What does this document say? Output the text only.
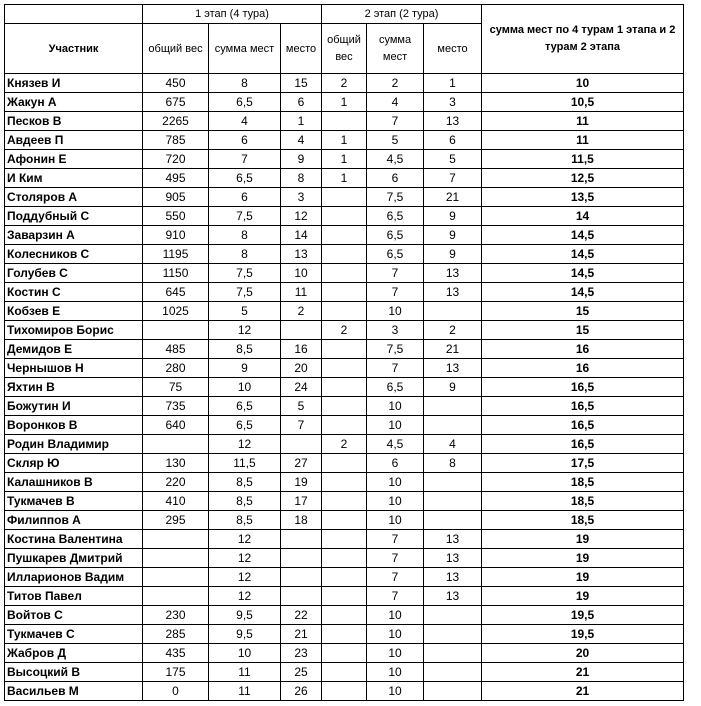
	1 этап (4 тура)			2 этап (2 тура)			сумма мест по 4 турам 1 этапа и 2 турам 2 этапа
Участник	общий вес	сумма мест	место	общий вес	сумма мест	место	
Князев И	450	8	15	2	2	1	10
Жакун А	675	6,5	6	1	4	3	10,5
Песков В	2265	4	1		7	13	11
Авдеев П	785	6	4	1	5	6	11
Афонин Е	720	7	9	1	4,5	5	11,5
И Ким	495	6,5	8	1	6	7	12,5
Столяров А	905	6	3		7,5	21	13,5
Поддубный С	550	7,5	12		6,5	9	14
Заварзин А	910	8	14		6,5	9	14,5
Колесников С	1195	8	13		6,5	9	14,5
Голубев С	1150	7,5	10		7	13	14,5
Костин С	645	7,5	11		7	13	14,5
Кобзев Е	1025	5	2		10		15
Тихомиров Борис		12		2	3	2	15
Демидов Е	485	8,5	16		7,5	21	16
Чернышов Н	280	9	20		7	13	16
Яхтин В	75	10	24		6,5	9	16,5
Божутин И	735	6,5	5		10		16,5
Воронков В	640	6,5	7		10		16,5
Родин Владимир		12		2	4,5	4	16,5
Скляр Ю	130	11,5	27		6	8	17,5
Калашников В	220	8,5	19		10		18,5
Тукмачев В	410	8,5	17		10		18,5
Филиппов А	295	8,5	18		10		18,5
Костина Валентина		12			7	13	19
Пушкарев Дмитрий		12			7	13	19
Илларионов Вадим		12			7	13	19
Титов Павел		12			7	13	19
Войтов С	230	9,5	22		10		19,5
Тукмачев С	285	9,5	21		10		19,5
Жабров Д	435	10	23		10		20
Высоцкий В	175	11	25		10		21
Васильев М	0	11	26		10		21
